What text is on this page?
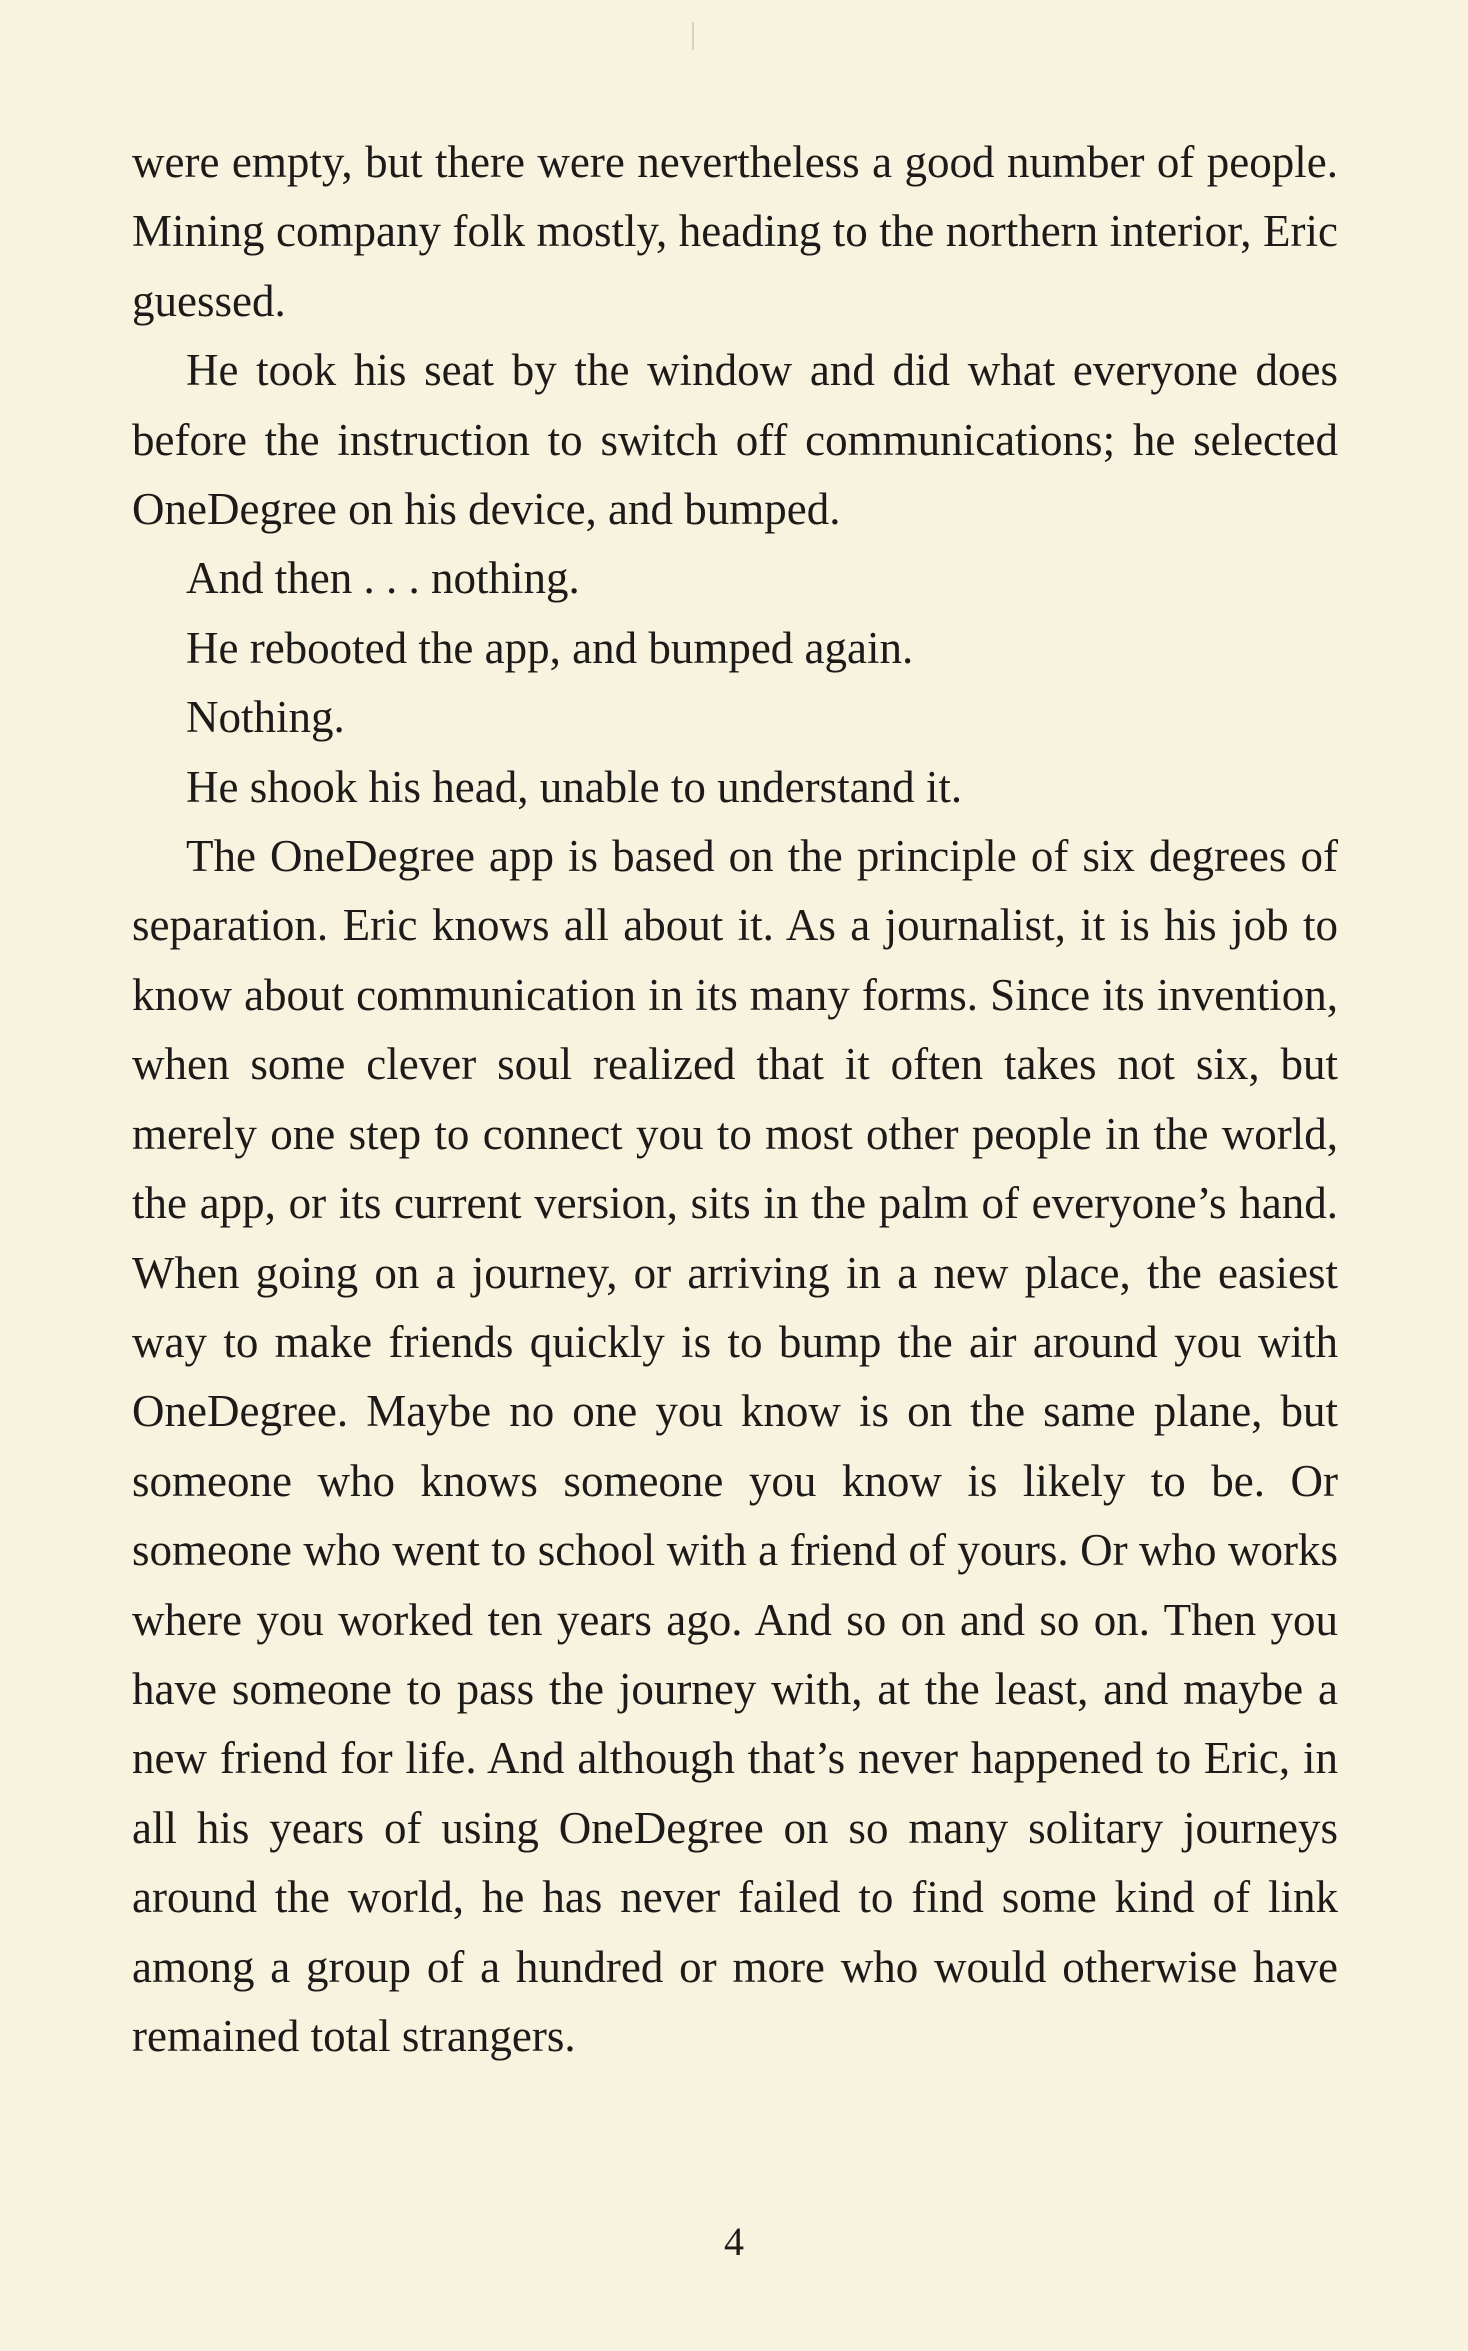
were empty, but there were nevertheless a good number of people. Mining company folk mostly, heading to the northern interior, Eric guessed.

He took his seat by the window and did what everyone does before the instruction to switch off communications; he selected OneDegree on his device, and bumped.

And then . . . nothing.

He rebooted the app, and bumped again.

Nothing.

He shook his head, unable to understand it.

The OneDegree app is based on the principle of six degrees of separation. Eric knows all about it. As a journalist, it is his job to know about communication in its many forms. Since its invention, when some clever soul realized that it often takes not six, but merely one step to connect you to most other people in the world, the app, or its current version, sits in the palm of everyone’s hand. When going on a journey, or arriving in a new place, the easiest way to make friends quickly is to bump the air around you with OneDegree. Maybe no one you know is on the same plane, but someone who knows someone you know is likely to be. Or someone who went to school with a friend of yours. Or who works where you worked ten years ago. And so on and so on. Then you have someone to pass the journey with, at the least, and maybe a new friend for life. And although that’s never happened to Eric, in all his years of using OneDegree on so many solitary journeys around the world, he has never failed to find some kind of link among a group of a hundred or more who would otherwise have remained total strangers.

4
